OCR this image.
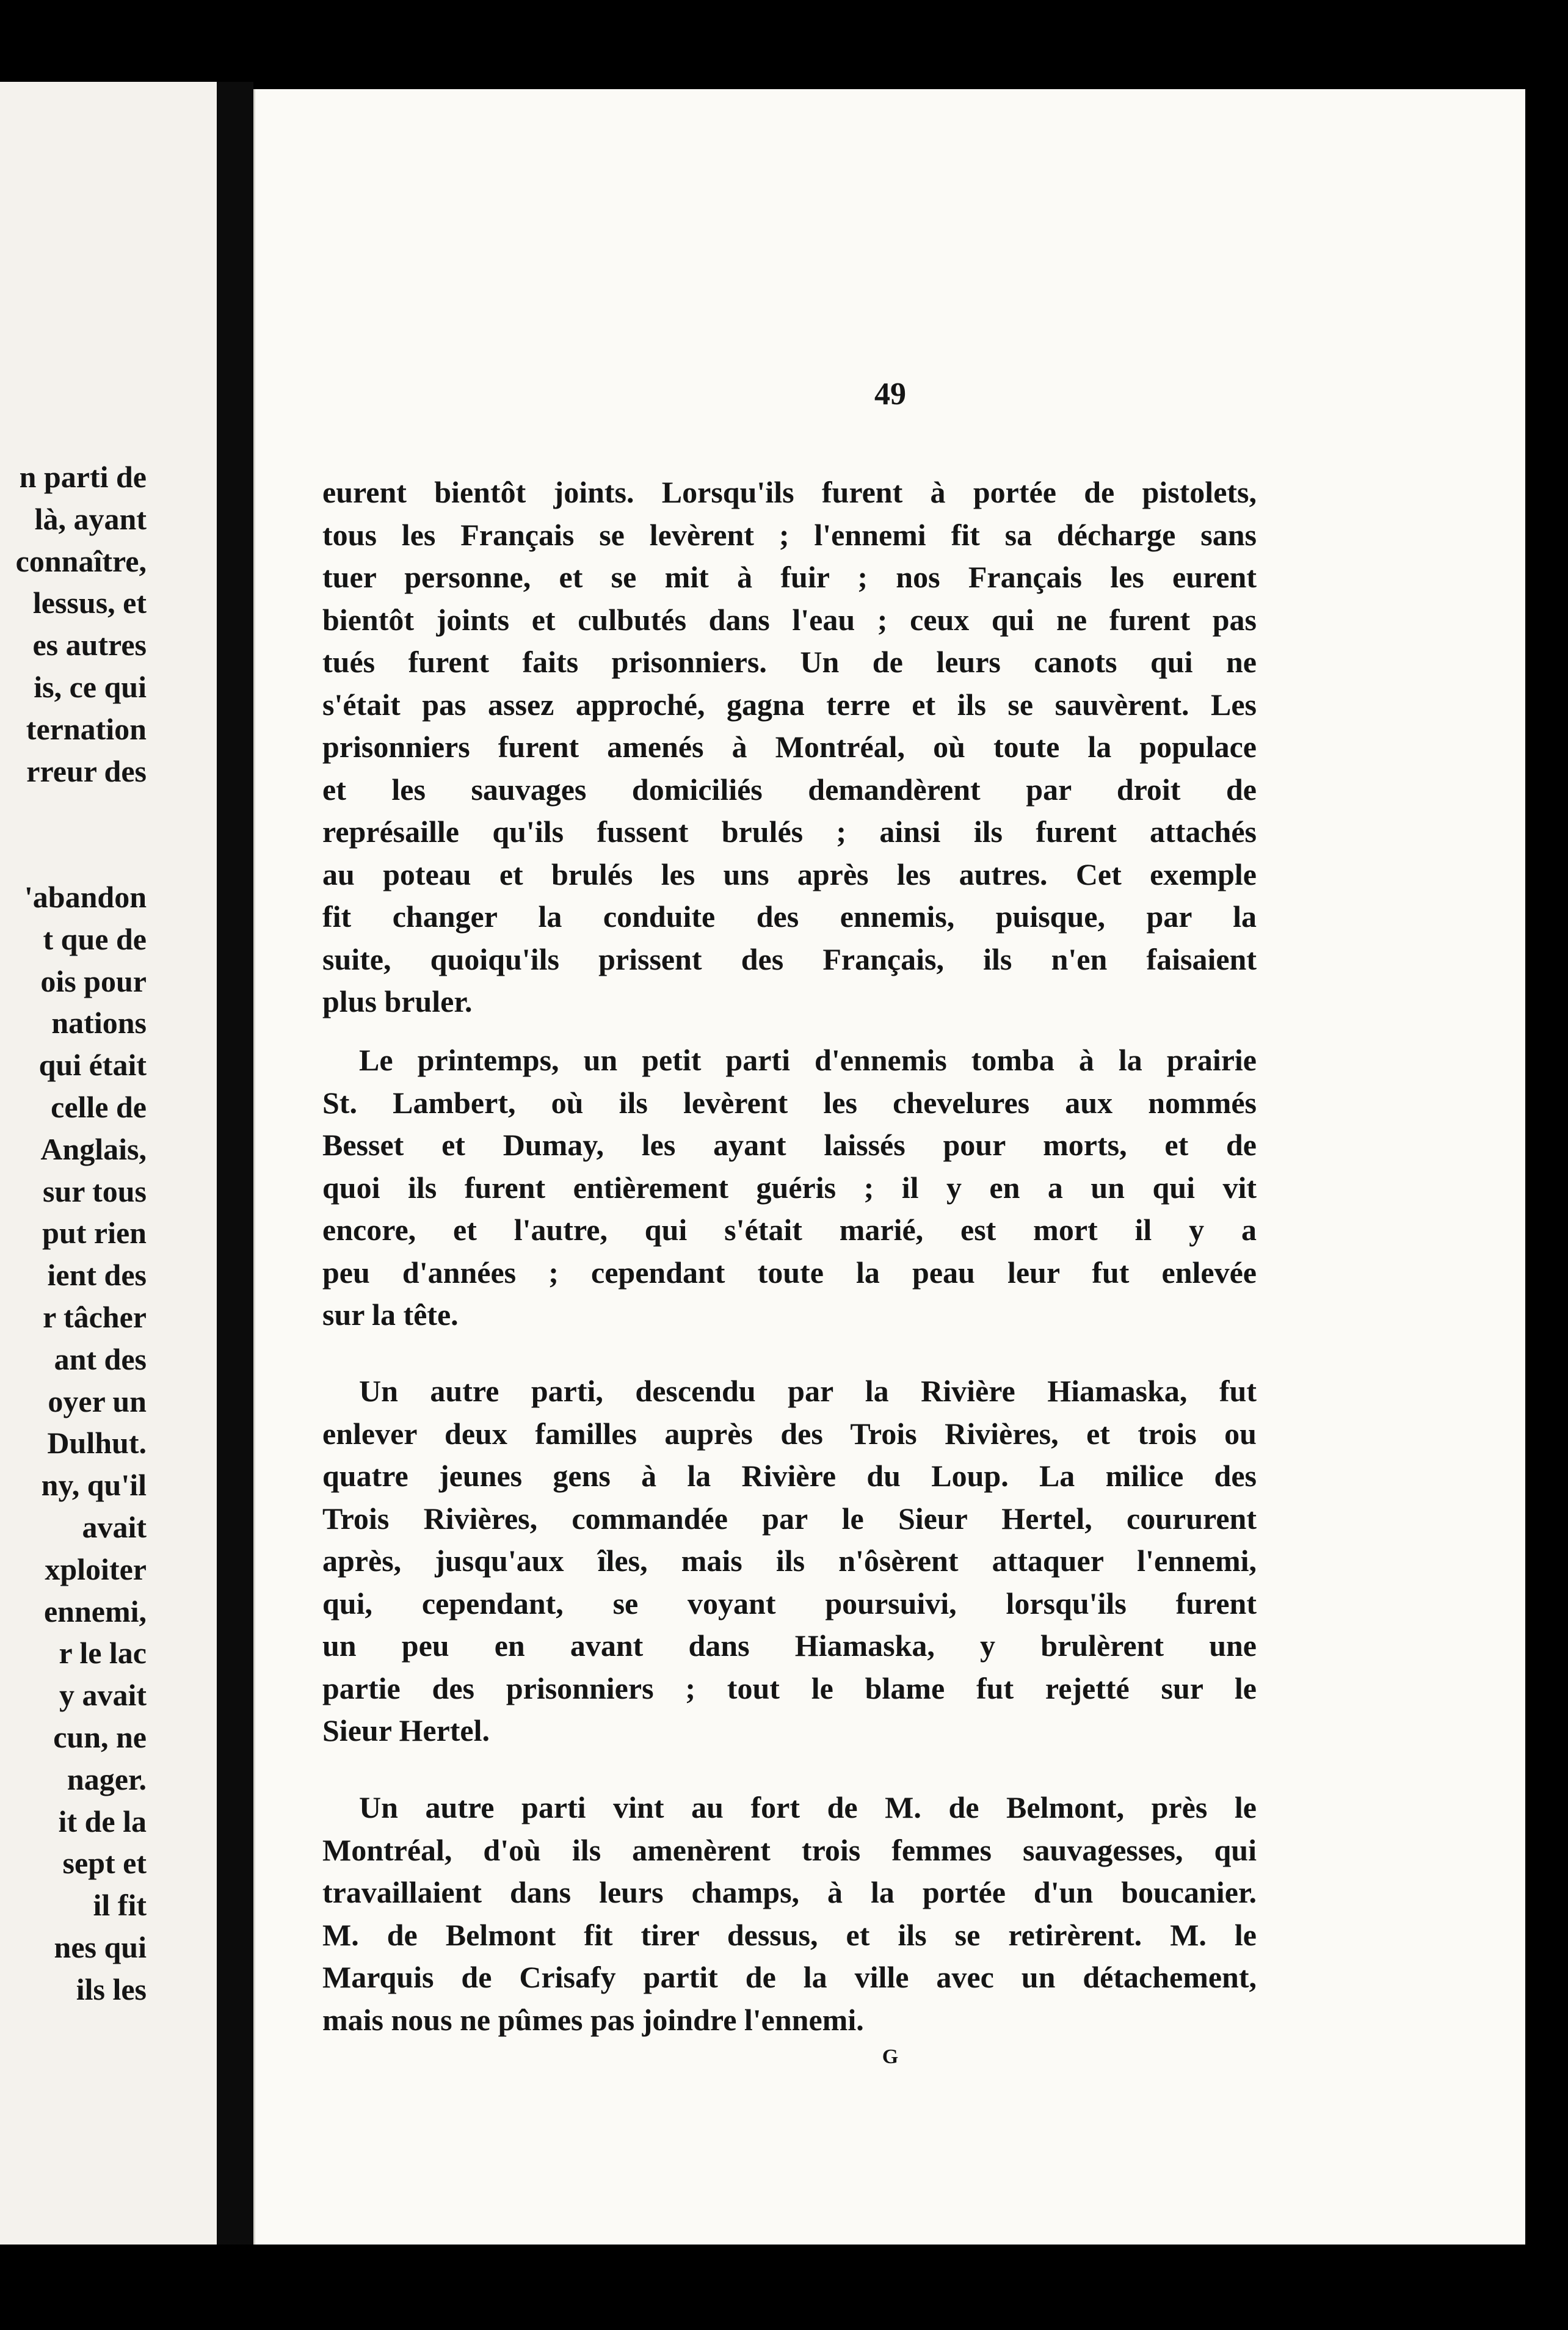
n parti de
là, ayant
connaître,
lessus, et
es autres
is, ce qui
ternation
rreur des
'abandon
t que de
ois pour
nations
qui était
celle de
Anglais,
sur tous
put rien
ient des
r tâcher
ant des
oyer un
Dulhut.
ny, qu'il
avait
xploiter
ennemi,
r le lac
y avait
cun, ne
nager.
it de la
sept et
il fit
nes qui
ils les
49
G
eurent bientôt joints. Lorsqu'ils furent à portée de pistolets,
tous les Français se levèrent ; l'ennemi fit sa décharge sans
tuer personne, et se mit à fuir ; nos Français les eurent
bientôt joints et culbutés dans l'eau ; ceux qui ne furent pas
tués furent faits prisonniers. Un de leurs canots qui ne
s'était pas assez approché, gagna terre et ils se sauvèrent. Les
prisonniers furent amenés à Montréal, où toute la populace
et les sauvages domiciliés demandèrent par droit de
représaille qu'ils fussent brulés ; ainsi ils furent attachés
au poteau et brulés les uns après les autres. Cet exemple
fit changer la conduite des ennemis, puisque, par la
suite, quoiqu'ils prissent des Français, ils n'en faisaient
plus bruler.
Le printemps, un petit parti d'ennemis tomba à la prairie
St. Lambert, où ils levèrent les chevelures aux nommés
Besset et Dumay, les ayant laissés pour morts, et de
quoi ils furent entièrement guéris ; il y en a un qui vit
encore, et l'autre, qui s'était marié, est mort il y a
peu d'années ; cependant toute la peau leur fut enlevée
sur la tête.
Un autre parti, descendu par la Rivière Hiamaska, fut
enlever deux familles auprès des Trois Rivières, et trois ou
quatre jeunes gens à la Rivière du Loup. La milice des
Trois Rivières, commandée par le Sieur Hertel, coururent
après, jusqu'aux îles, mais ils n'ôsèrent attaquer l'ennemi,
qui, cependant, se voyant poursuivi, lorsqu'ils furent
un peu en avant dans Hiamaska, y brulèrent une
partie des prisonniers ; tout le blame fut rejetté sur le
Sieur Hertel.
Un autre parti vint au fort de M. de Belmont, près le
Montréal, d'où ils amenèrent trois femmes sauvagesses, qui
travaillaient dans leurs champs, à la portée d'un boucanier.
M. de Belmont fit tirer dessus, et ils se retirèrent. M. le
Marquis de Crisafy partit de la ville avec un détachement,
mais nous ne pûmes pas joindre l'ennemi.
